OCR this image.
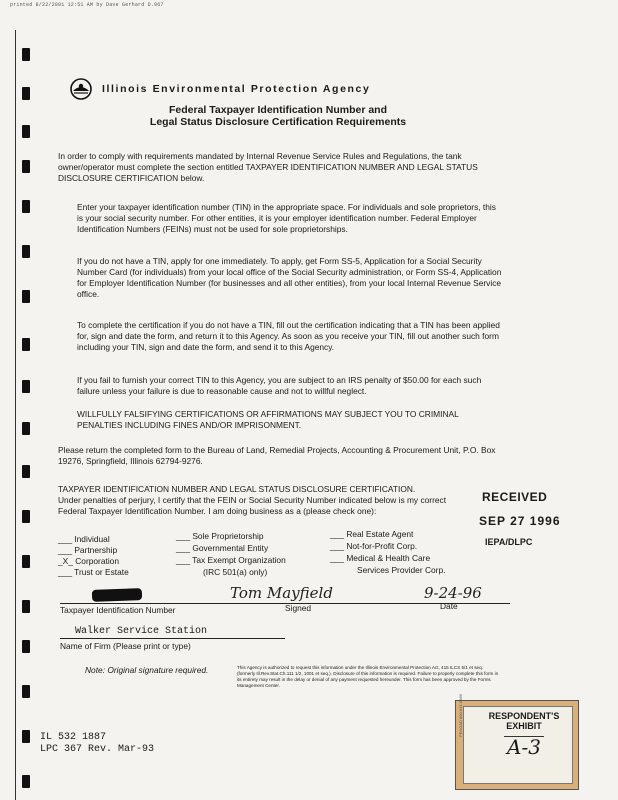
printed 8/22/2001 12:51 AM by Dave Gerhard D.967
Illinois Environmental Protection Agency
Federal Taxpayer Identification Number and
Legal Status Disclosure Certification Requirements
In order to comply with requirements mandated by Internal Revenue Service Rules and Regulations, the tank owner/operator must complete the section entitled TAXPAYER IDENTIFICATION NUMBER AND LEGAL STATUS DISCLOSURE CERTIFICATION below.
Enter your taxpayer identification number (TIN) in the appropriate space. For individuals and sole proprietors, this is your social security number. For other entities, it is your employer identification number. Federal Employer Identification Numbers (FEINs) must not be used for sole proprietorships.
If you do not have a TIN, apply for one immediately. To apply, get Form SS-5, Application for a Social Security Number Card (for individuals) from your local office of the Social Security administration, or Form SS-4, Application for Employer Identification Number (for businesses and all other entities), from your local Internal Revenue Service office.
To complete the certification if you do not have a TIN, fill out the certification indicating that a TIN has been applied for, sign and date the form, and return it to this Agency. As soon as you receive your TIN, fill out another such form including your TIN, sign and date the form, and send it to this Agency.
If you fail to furnish your correct TIN to this Agency, you are subject to an IRS penalty of $50.00 for each such failure unless your failure is due to reasonable cause and not to willful neglect.
WILLFULLY FALSIFYING CERTIFICATIONS OR AFFIRMATIONS MAY SUBJECT YOU TO CRIMINAL PENALTIES INCLUDING FINES AND/OR IMPRISONMENT.
Please return the completed form to the Bureau of Land, Remedial Projects, Accounting & Procurement Unit, P.O. Box 19276, Springfield, Illinois 62794-9276.
TAXPAYER IDENTIFICATION NUMBER AND LEGAL STATUS DISCLOSURE CERTIFICATION.
Under penalties of perjury, I certify that the FEIN or Social Security Number indicated below is my correct
Federal Taxpayer Identification Number. I am doing business as a (please check one):
RECEIVED
SEP 27 1996
IEPA/DLPC
___ Individual
___ Partnership
_X_ Corporation
___ Trust or Estate
___ Sole Proprietorship
___ Governmental Entity
___ Tax Exempt Organization
(IRC 501(a) only)
___ Real Estate Agent
___ Not-for-Profit Corp.
___ Medical & Health Care
Services Provider Corp.
Tom Mayfield	9-24-96
Taxpayer Identification Number	Signed	Date
Walker Service Station
Name of Firm (Please print or type)
Note: Original signature required.	This Agency is authorized to request this information under the Illinois Environmental Protection Act, 415 ILCS 5/1 et seq. (formerly Ill.Rev.Stat.Ch.111 1/2, 1001 et seq.). Disclosure of this information is required. Failure to properly complete this form in its entirety may result in the delay or denial of any payment requested hereunder. This form has been approved by the Forms Management Center.
IL 532 1887
LPC 367 Rev. Mar-93
PENGAD 800-631-6989	RESPONDENT'S
EXHIBIT
A-3
